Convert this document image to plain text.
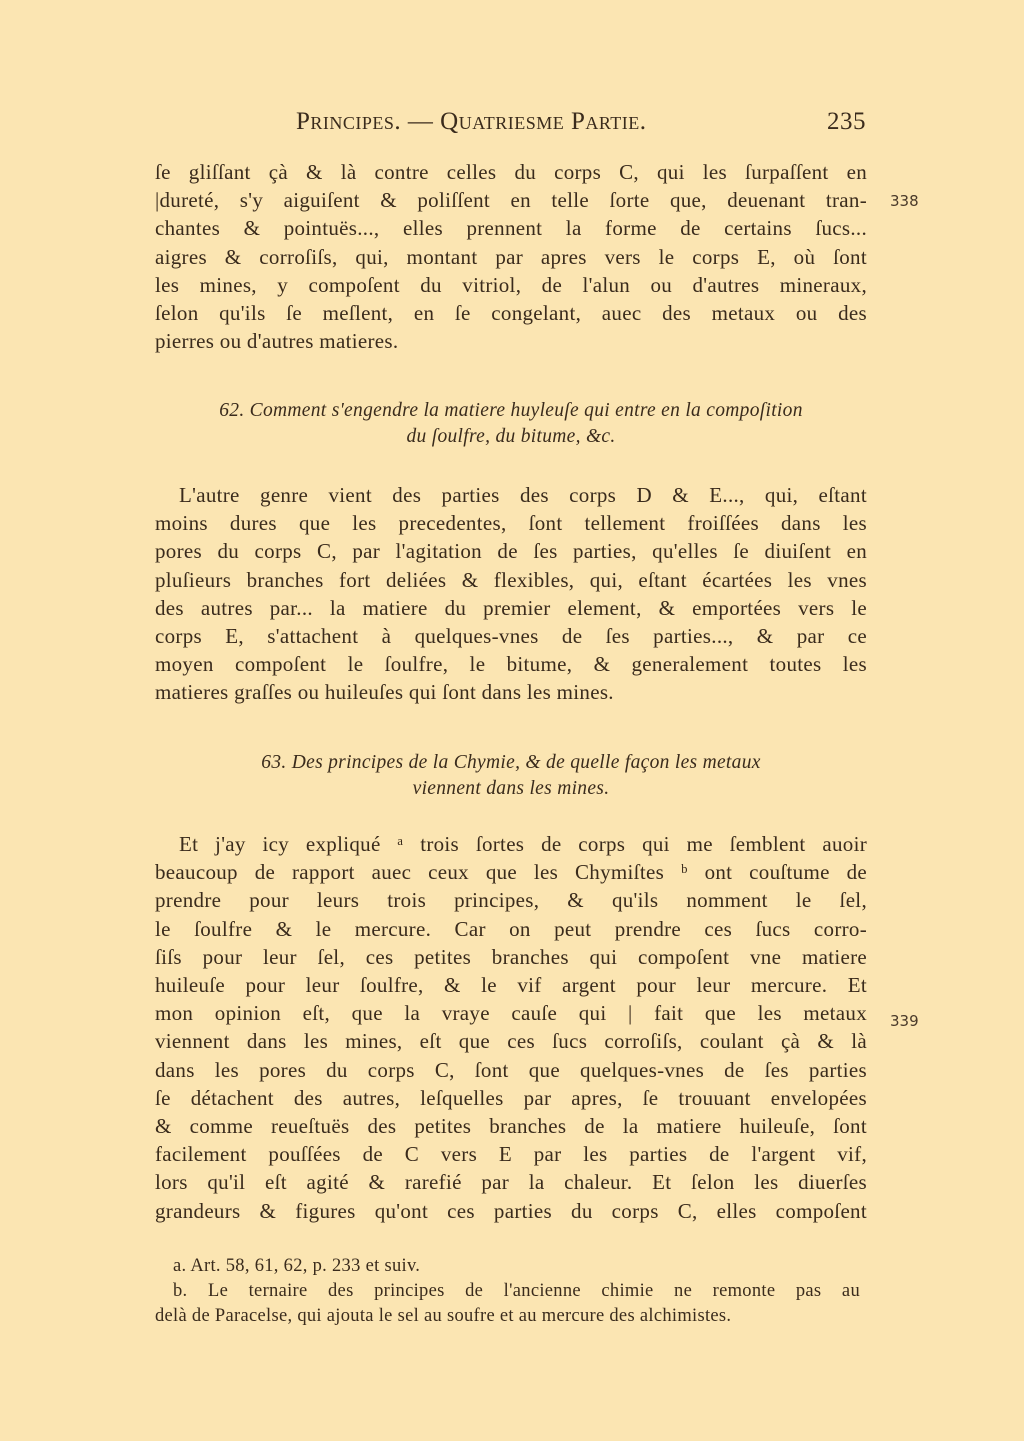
Principes. — Quatriesme Partie.	235
ſe gliſſant çà & là contre celles du corps C, qui les ſurpaſſent en
|dureté, s'y aiguiſent & poliſſent en telle ſorte que, deuenant tran-
chantes & pointuës..., elles prennent la forme de certains ſucs...
aigres & corroſiſs, qui, montant par apres vers le corps E, où ſont
les mines, y compoſent du vitriol, de l'alun ou d'autres mineraux,
ſelon qu'ils ſe meſlent, en ſe congelant, auec des metaux ou des
pierres ou d'autres matieres.
338
62. Comment s'engendre la matiere huyleuſe qui entre en la compoſition
du ſoulfre, du bitume, &c.
L'autre genre vient des parties des corps D & E..., qui, eſtant
moins dures que les precedentes, ſont tellement froiſſées dans les
pores du corps C, par l'agitation de ſes parties, qu'elles ſe diuiſent en
pluſieurs branches fort deliées & flexibles, qui, eſtant écartées les vnes
des autres par... la matiere du premier element, & emportées vers le
corps E, s'attachent à quelques-vnes de ſes parties..., & par ce
moyen compoſent le ſoulfre, le bitume, & generalement toutes les
matieres graſſes ou huileuſes qui ſont dans les mines.
63. Des principes de la Chymie, & de quelle façon les metaux
viennent dans les mines.
Et j'ay icy expliqué ᵃ trois ſortes de corps qui me ſemblent auoir
beaucoup de rapport auec ceux que les Chymiſtes ᵇ ont couſtume de
prendre pour leurs trois principes, & qu'ils nomment le ſel,
le ſoulfre & le mercure. Car on peut prendre ces ſucs corro-
ſiſs pour leur ſel, ces petites branches qui compoſent vne matiere
huileuſe pour leur ſoulfre, & le vif argent pour leur mercure. Et
mon opinion eſt, que la vraye cauſe qui | fait que les metaux
viennent dans les mines, eſt que ces ſucs corroſiſs, coulant çà & là
dans les pores du corps C, ſont que quelques-vnes de ſes parties
ſe détachent des autres, leſquelles par apres, ſe trouuant envelopées
& comme reueſtuës des petites branches de la matiere huileuſe, ſont
facilement pouſſées de C vers E par les parties de l'argent vif,
lors qu'il eſt agité & rarefié par la chaleur. Et ſelon les diuerſes
grandeurs & figures qu'ont ces parties du corps C, elles compoſent
339
a. Art. 58, 61, 62, p. 233 et suiv.
b. Le ternaire des principes de l'ancienne chimie ne remonte pas au
delà de Paracelse, qui ajouta le sel au soufre et au mercure des alchimistes.
